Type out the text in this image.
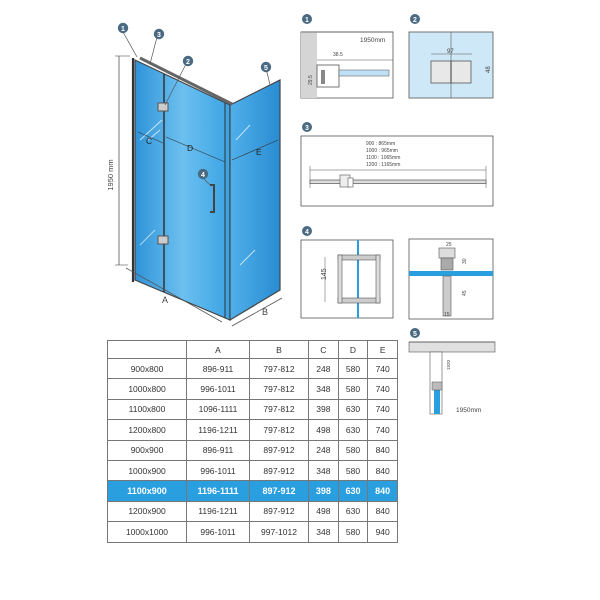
1950 mm
A
B
C
D	E
1
3
2
4
5
1
1950mm
38.5
29.5
2
97
48
3
900 : 865mm
1000 : 965mm
1100 : 1065mm
1200 : 1165mm
4
145
25
30
45
15
5
1920
1950mm
	A	B	C	D	E
900x800	896-911	797-812	248	580	740
1000x800	996-1011	797-812	348	580	740
1100x800	1096-1111	797-812	398	630	740
1200x800	1196-1211	797-812	498	630	740
900x900	896-911	897-912	248	580	840
1000x900	996-1011	897-912	348	580	840
1100x900	1196-1111	897-912	398	630	840
1200x900	1196-1211	897-912	498	630	840
1000x1000	996-1011	997-1012	348	580	940
